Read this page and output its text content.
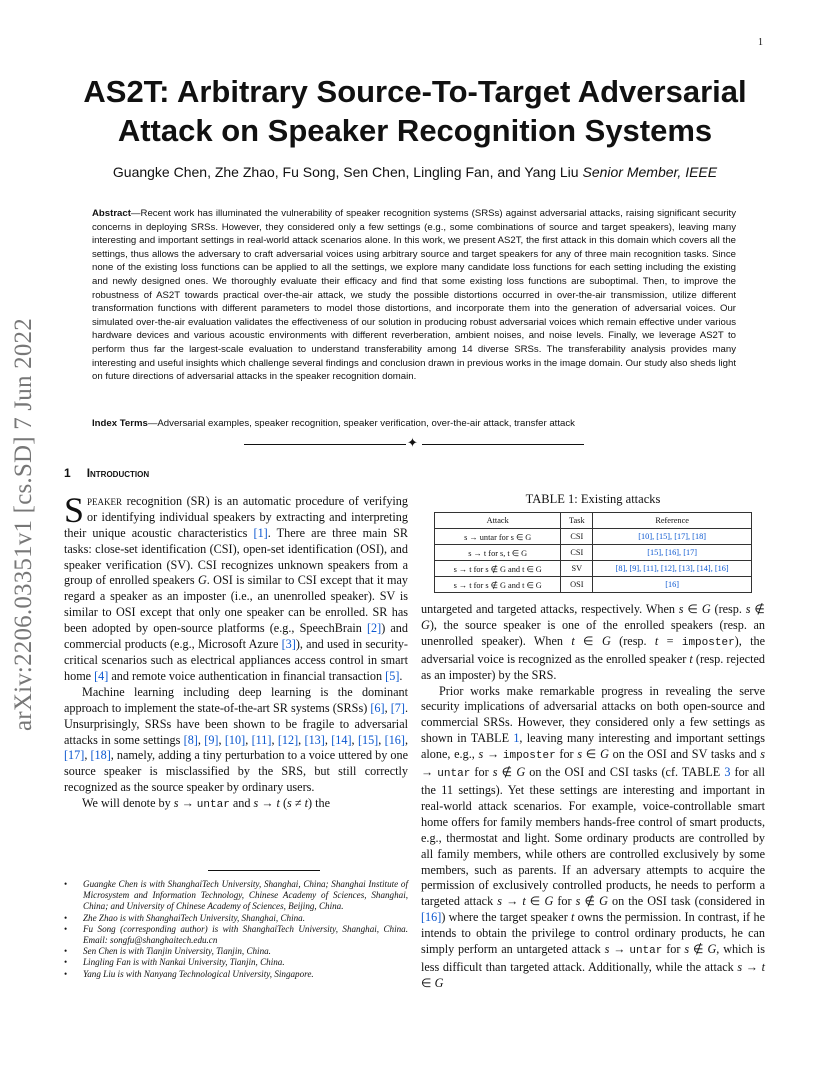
1
arXiv:2206.03351v1 [cs.SD] 7 Jun 2022
AS2T: Arbitrary Source-To-Target Adversarial Attack on Speaker Recognition Systems
Guangke Chen, Zhe Zhao, Fu Song, Sen Chen, Lingling Fan, and Yang Liu Senior Member, IEEE
Abstract—Recent work has illuminated the vulnerability of speaker recognition systems (SRSs) against adversarial attacks, raising significant security concerns in deploying SRSs. However, they considered only a few settings (e.g., some combinations of source and target speakers), leaving many interesting and important settings in real-world attack scenarios alone. In this work, we present AS2T, the first attack in this domain which covers all the settings, thus allows the adversary to craft adversarial voices using arbitrary source and target speakers for any of three main recognition tasks. Since none of the existing loss functions can be applied to all the settings, we explore many candidate loss functions for each setting including the existing and newly designed ones. We thoroughly evaluate their efficacy and find that some existing loss functions are suboptimal. Then, to improve the robustness of AS2T towards practical over-the-air attack, we study the possible distortions occurred in over-the-air transmission, utilize different transformation functions with different parameters to model those distortions, and incorporate them into the generation of adversarial voices. Our simulated over-the-air evaluation validates the effectiveness of our solution in producing robust adversarial voices which remain effective under various hardware devices and various acoustic environments with different reverberation, ambient noises, and noise levels. Finally, we leverage AS2T to perform thus far the largest-scale evaluation to understand transferability among 14 diverse SRSs. The transferability analysis provides many interesting and useful insights which challenge several findings and conclusion drawn in previous works in the image domain. Our study also sheds light on future directions of adversarial attacks in the speaker recognition domain.
Index Terms—Adversarial examples, speaker recognition, speaker verification, over-the-air attack, transfer attack
✦
1 Introduction

Speaker recognition (SR) is an automatic procedure of verifying or identifying individual speakers by extracting and interpreting their unique acoustic characteristics [1]. There are three main SR tasks: close-set identification (CSI), open-set identification (OSI), and speaker verification (SV). CSI recognizes unknown speakers from a group of enrolled speakers G. OSI is similar to CSI except that it may regard a speaker as an imposter (i.e., an unenrolled speaker). SV is similar to OSI except that only one speaker can be enrolled. SR has been adopted by open-source platforms (e.g., SpeechBrain [2]) and commercial products (e.g., Microsoft Azure [3]), and used in security-critical scenarios such as electrical appliances access control in smart home [4] and remote voice authentication in financial transaction [5].

Machine learning including deep learning is the dominant approach to implement the state-of-the-art SR systems (SRSs) [6], [7]. Unsurprisingly, SRSs have been shown to be fragile to adversarial attacks in some settings [8], [9], [10], [11], [12], [13], [14], [15], [16], [17], [18], namely, adding a tiny perturbation to a voice uttered by one source speaker is misclassified by the SRS, but still correctly recognized as the source speaker by ordinary users.

We will denote by s → untar and s → t (s ≠ t) the

• Guangke Chen is with ShanghaiTech University, Shanghai, China; Shanghai Institute of Microsystem and Information Technology, Chinese Academy of Sciences, Shanghai, China; and University of Chinese Academy of Sciences, Beijing, China.
• Zhe Zhao is with ShanghaiTech University, Shanghai, China.
• Fu Song (corresponding author) is with ShanghaiTech University, Shanghai, China. Email: songfu@shanghaitech.edu.cn
• Sen Chen is with Tianjin University, Tianjin, China.
• Lingling Fan is with Nankai University, Tianjin, China.
• Yang Liu is with Nanyang Technological University, Singapore.
TABLE 1: Existing attacks
Attack	Task	Reference
s → untar for s ∈ G	CSI	[10], [15], [17], [18]
s → t for s, t ∈ G	CSI	[15], [16], [17]
s → t for s ∉ G and t ∈ G	SV	[8], [9], [11], [12], [13], [14], [16]
s → t for s ∉ G and t ∈ G	OSI	[16]

untargeted and targeted attacks, respectively. When s ∈ G (resp. s ∉ G), the source speaker is one of the enrolled speakers (resp. an unenrolled speaker). When t ∈ G (resp. t = imposter), the adversarial voice is recognized as the enrolled speaker t (resp. rejected as an imposter) by the SRS.

Prior works make remarkable progress in revealing the serve security implications of adversarial attacks on both open-source and commercial SRSs. However, they considered only a few settings as shown in TABLE 1, leaving many interesting and important settings alone, e.g., s → imposter for s ∈ G on the OSI and SV tasks and s → untar for s ∉ G on the OSI and CSI tasks (cf. TABLE 3 for all the 11 settings). Yet these settings are interesting and important in real-world attack scenarios. For example, voice-controllable smart home offers for family members hands-free control of smart products, e.g., thermostat and light. Some ordinary products are controlled by all family members, while others are controlled exclusively by some members, such as parents. If an adversary attempts to acquire the permission of exclusively controlled products, he needs to perform a targeted attack s → t ∈ G for s ∉ G on the OSI task (considered in [16]) where the target speaker t owns the permission. In contrast, if he intends to obtain the privilege to control ordinary products, he can simply perform an untargeted attack s → untar for s ∉ G, which is less difficult than targeted attack. Additionally, while the attack s → t ∈ G
